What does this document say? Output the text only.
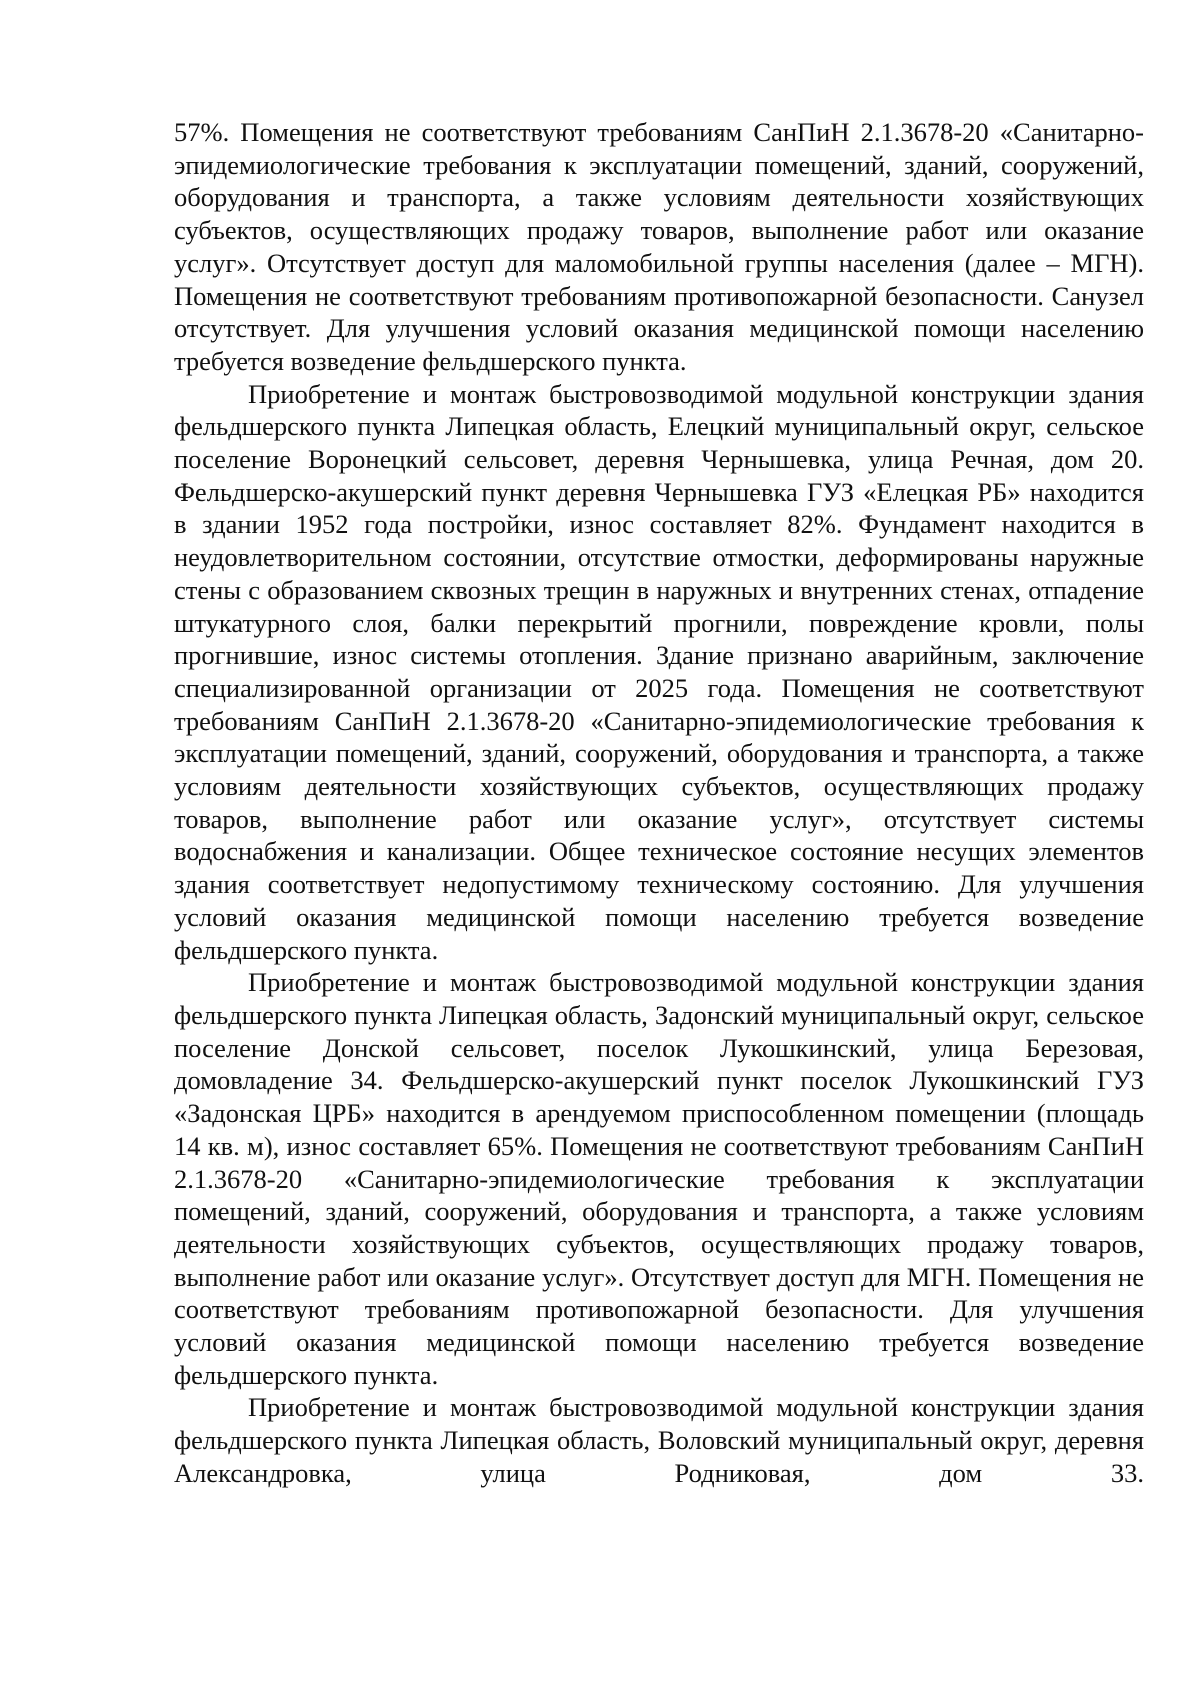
57%. Помещения не соответствуют требованиям СанПиН 2.1.3678-20 «Санитарно-эпидемиологические требования к эксплуатации помещений, зданий, сооружений, оборудования и транспорта, а также условиям деятельности хозяйствующих субъектов, осуществляющих продажу товаров, выполнение работ или оказание услуг». Отсутствует доступ для маломобильной группы населения (далее – МГН). Помещения не соответствуют требованиям противопожарной безопасности. Санузел отсутствует. Для улучшения условий оказания медицинской помощи населению требуется возведение фельдшерского пункта.

Приобретение и монтаж быстровозводимой модульной конструкции здания фельдшерского пункта Липецкая область, Елецкий муниципальный округ, сельское поселение Воронецкий сельсовет, деревня Чернышевка, улица Речная, дом 20. Фельдшерско-акушерский пункт деревня Чернышевка ГУЗ «Елецкая РБ» находится в здании 1952 года постройки, износ составляет 82%. Фундамент находится в неудовлетворительном состоянии, отсутствие отмостки, деформированы наружные стены с образованием сквозных трещин в наружных и внутренних стенах, отпадение штукатурного слоя, балки перекрытий прогнили, повреждение кровли, полы прогнившие, износ системы отопления. Здание признано аварийным, заключение специализированной организации от 2025 года. Помещения не соответствуют требованиям СанПиН 2.1.3678-20 «Санитарно-эпидемиологические требования к эксплуатации помещений, зданий, сооружений, оборудования и транспорта, а также условиям деятельности хозяйствующих субъектов, осуществляющих продажу товаров, выполнение работ или оказание услуг», отсутствует системы водоснабжения и канализации. Общее техническое состояние несущих элементов здания соответствует недопустимому техническому состоянию. Для улучшения условий оказания медицинской помощи населению требуется возведение фельдшерского пункта.

Приобретение и монтаж быстровозводимой модульной конструкции здания фельдшерского пункта Липецкая область, Задонский муниципальный округ, сельское поселение Донской сельсовет, поселок Лукошкинский, улица Березовая, домовладение 34. Фельдшерско-акушерский пункт поселок Лукошкинский ГУЗ «Задонская ЦРБ» находится в арендуемом приспособленном помещении (площадь 14 кв. м), износ составляет 65%. Помещения не соответствуют требованиям СанПиН 2.1.3678-20 «Санитарно-эпидемиологические требования к эксплуатации помещений, зданий, сооружений, оборудования и транспорта, а также условиям деятельности хозяйствующих субъектов, осуществляющих продажу товаров, выполнение работ или оказание услуг». Отсутствует доступ для МГН. Помещения не соответствуют требованиям противопожарной безопасности. Для улучшения условий оказания медицинской помощи населению требуется возведение фельдшерского пункта.

Приобретение и монтаж быстровозводимой модульной конструкции здания фельдшерского пункта Липецкая область, Воловский муниципальный округ, деревня Александровка, улица Родниковая, дом 33.
